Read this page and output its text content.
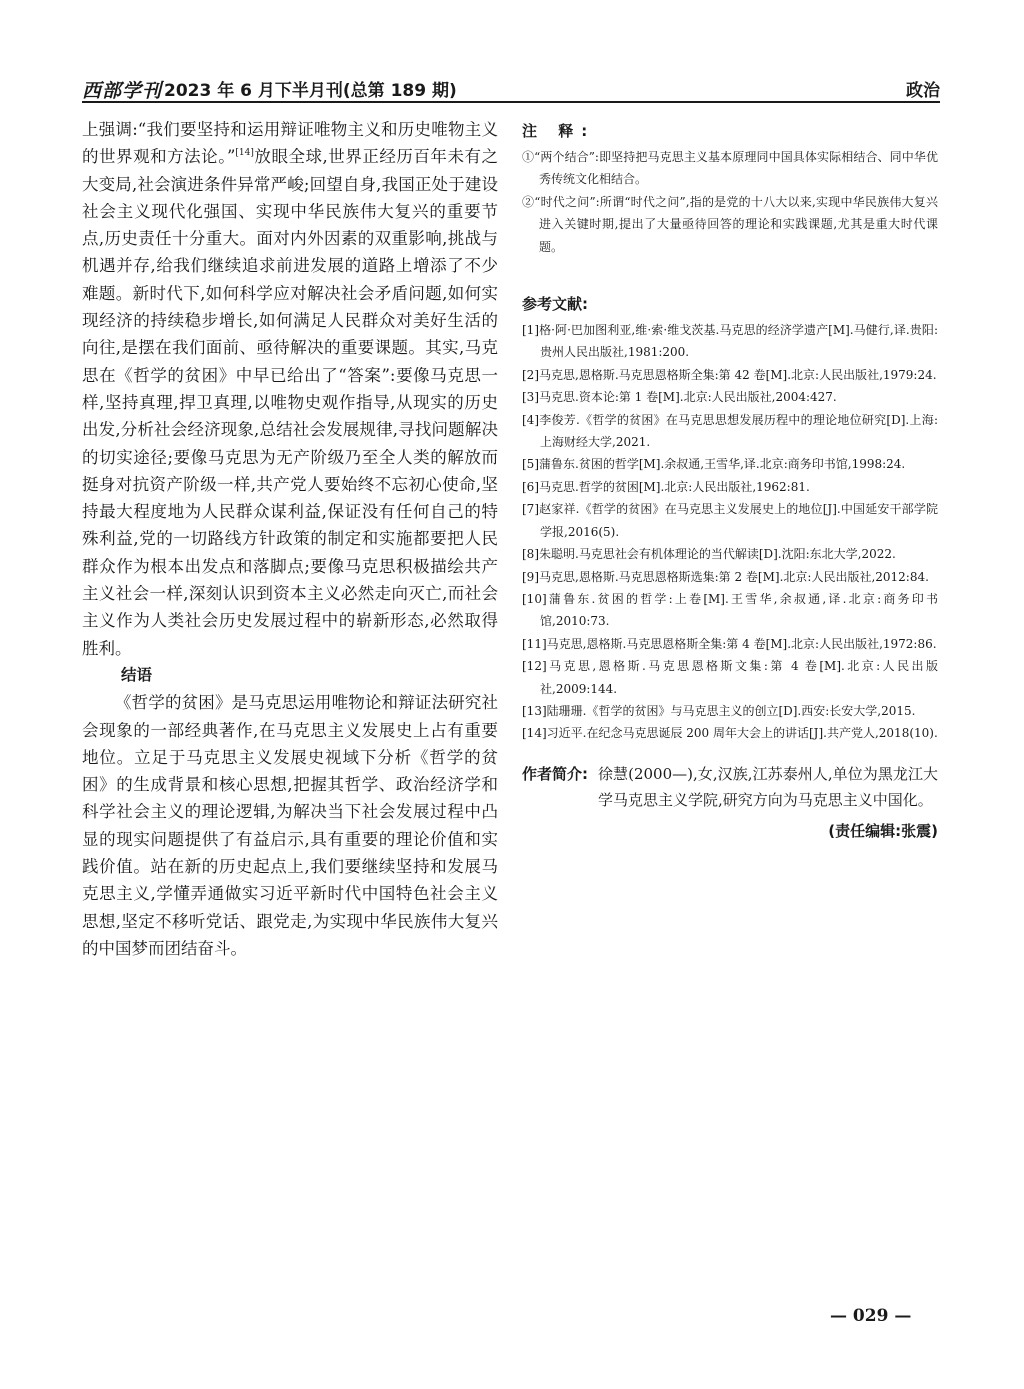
西部学刊 2023 年 6 月下半月刊(总第 189 期)	政治

上强调:“我们要坚持和运用辩证唯物主义和历史唯物主义的世界观和方法论。”[14]放眼全球,世界正经历百年未有之大变局,社会演进条件异常严峻;回望自身,我国正处于建设社会主义现代化强国、实现中华民族伟大复兴的重要节点,历史责任十分重大。面对内外因素的双重影响,挑战与机遇并存,给我们继续追求前进发展的道路上增添了不少难题。新时代下,如何科学应对解决社会矛盾问题,如何实现经济的持续稳步增长,如何满足人民群众对美好生活的向往,是摆在我们面前、亟待解决的重要课题。其实,马克思在《哲学的贫困》中早已给出了“答案”:要像马克思一样,坚持真理,捍卫真理,以唯物史观作指导,从现实的历史出发,分析社会经济现象,总结社会发展规律,寻找问题解决的切实途径;要像马克思为无产阶级乃至全人类的解放而挺身对抗资产阶级一样,共产党人要始终不忘初心使命,坚持最大程度地为人民群众谋利益,保证没有任何自己的特殊利益,党的一切路线方针政策的制定和实施都要把人民群众作为根本出发点和落脚点;要像马克思积极描绘共产主义社会一样,深刻认识到资本主义必然走向灭亡,而社会主义作为人类社会历史发展过程中的崭新形态,必然取得胜利。

结语

《哲学的贫困》是马克思运用唯物论和辩证法研究社会现象的一部经典著作,在马克思主义发展史上占有重要地位。立足于马克思主义发展史视域下分析《哲学的贫困》的生成背景和核心思想,把握其哲学、政治经济学和科学社会主义的理论逻辑,为解决当下社会发展过程中凸显的现实问题提供了有益启示,具有重要的理论价值和实践价值。站在新的历史起点上,我们要继续坚持和发展马克思主义,学懂弄通做实习近平新时代中国特色社会主义思想,坚定不移听党话、跟党走,为实现中华民族伟大复兴的中国梦而团结奋斗。

注 释:

①“两个结合”:即坚持把马克思主义基本原理同中国具体实际相结合、同中华优秀传统文化相结合。

②“时代之问”:所谓“时代之问”,指的是党的十八大以来,实现中华民族伟大复兴进入关键时期,提出了大量亟待回答的理论和实践课题,尤其是重大时代课题。

参考文献:

[1]格·阿·巴加图利亚,维·索·维戈茨基.马克思的经济学遗产[M].马健行,译.贵阳:贵州人民出版社,1981:200.

[2]马克思,恩格斯.马克思恩格斯全集:第 42 卷[M].北京:人民出版社,1979:24.

[3]马克思.资本论:第 1 卷[M].北京:人民出版社,2004:427.

[4]李俊芳.《哲学的贫困》在马克思思想发展历程中的理论地位研究[D].上海:上海财经大学,2021.

[5]蒲鲁东.贫困的哲学[M].余叔通,王雪华,译.北京:商务印书馆,1998:24.

[6]马克思.哲学的贫困[M].北京:人民出版社,1962:81.

[7]赵家祥.《哲学的贫困》在马克思主义发展史上的地位[J].中国延安干部学院学报,2016(5).

[8]朱聪明.马克思社会有机体理论的当代解读[D].沈阳:东北大学,2022.

[9]马克思,恩格斯.马克思恩格斯选集:第 2 卷[M].北京:人民出版社,2012:84.

[10]蒲鲁东.贫困的哲学:上卷[M].王雪华,余叔通,译.北京:商务印书馆,2010:73.

[11]马克思,恩格斯.马克思恩格斯全集:第 4 卷[M].北京:人民出版社,1972:86.

[12]马克思,恩格斯.马克思恩格斯文集:第 4 卷[M].北京:人民出版社,2009:144.

[13]陆珊珊.《哲学的贫困》与马克思主义的创立[D].西安:长安大学,2015.

[14]习近平.在纪念马克思诞辰 200 周年大会上的讲话[J].共产党人,2018(10).

作者简介: 徐慧(2000—),女,汉族,江苏泰州人,单位为黑龙江大学马克思主义学院,研究方向为马克思主义中国化。

(责任编辑:张震)
— 029 —
